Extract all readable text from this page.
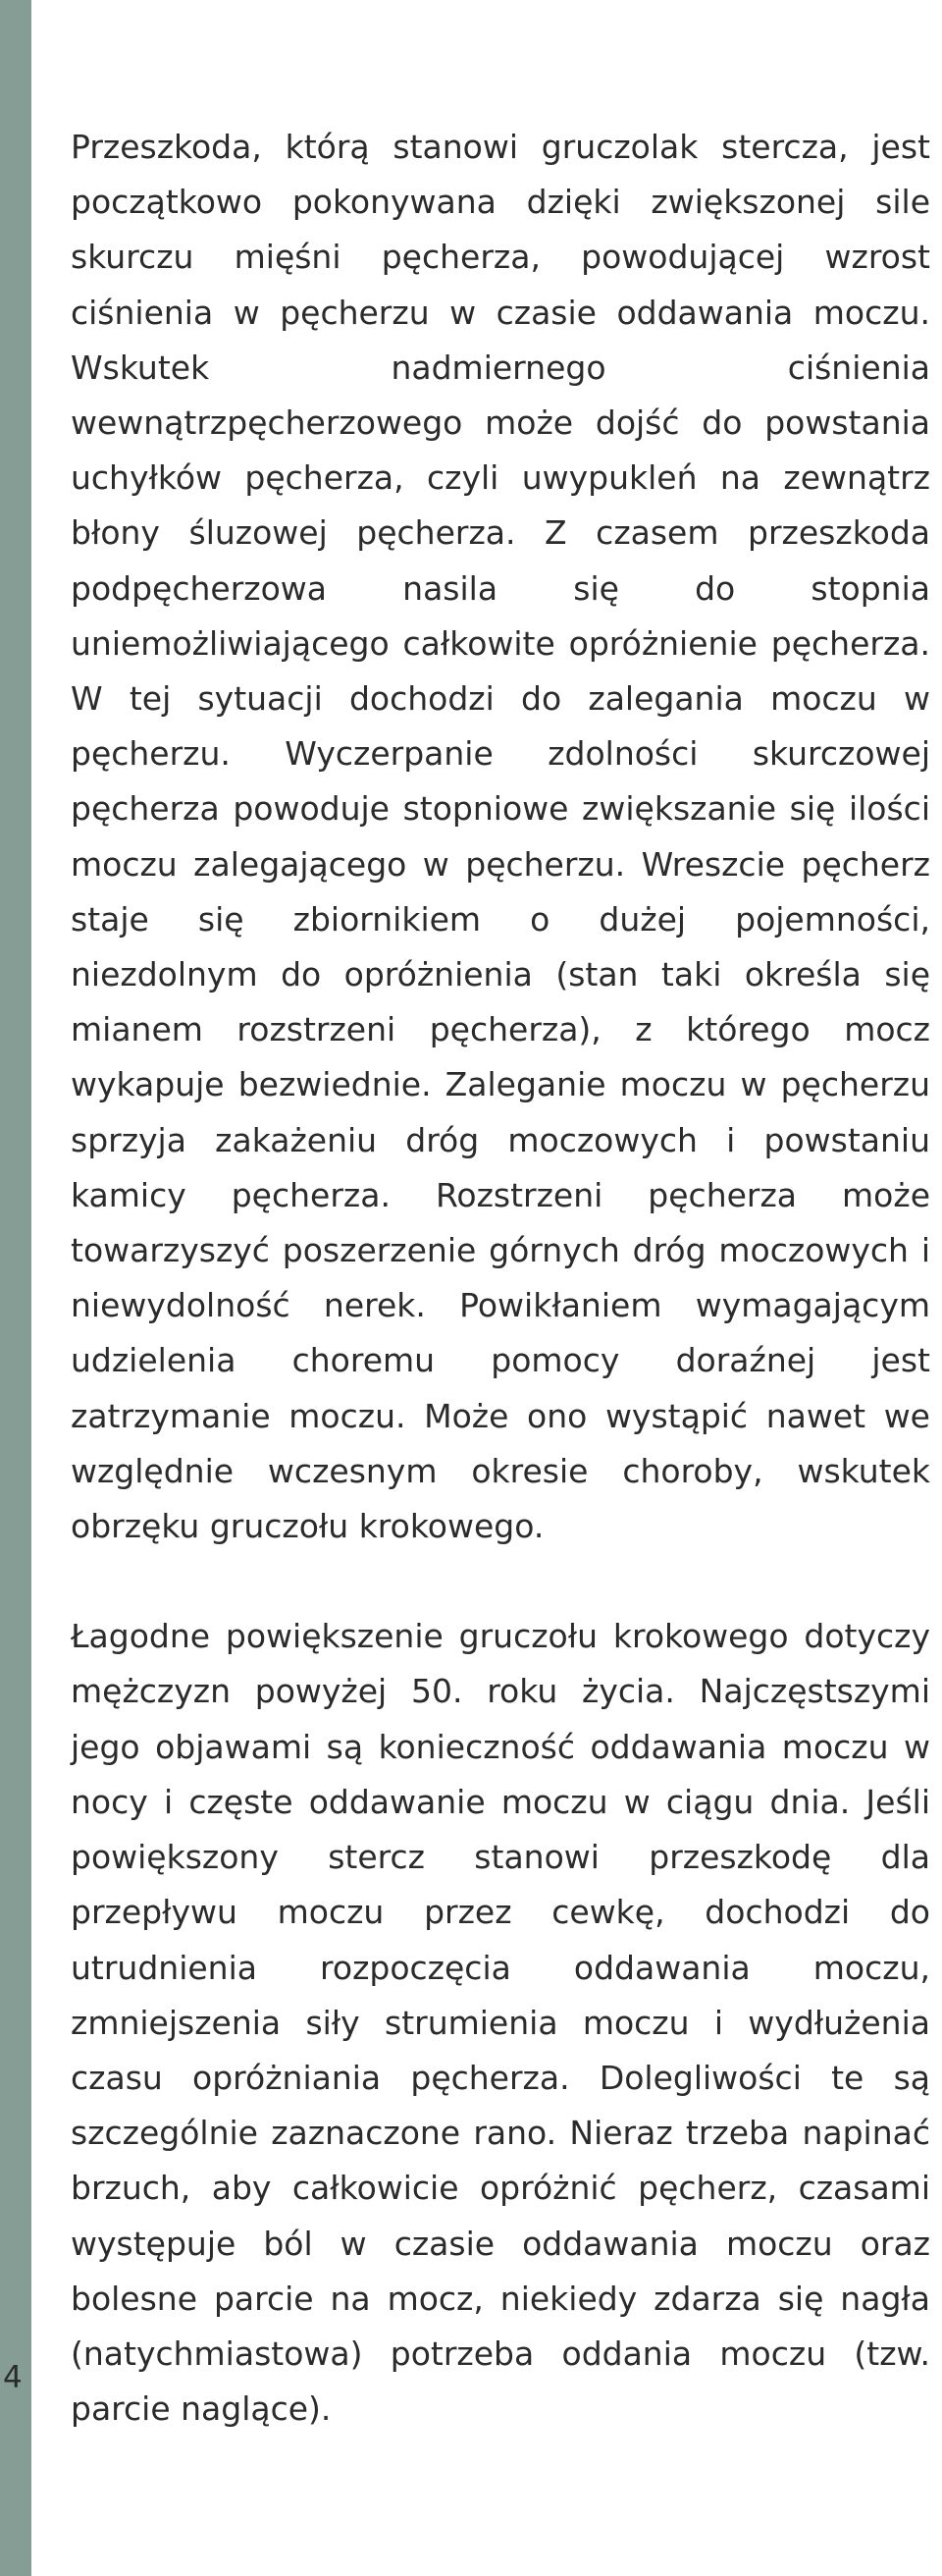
Przeszkoda, którą stanowi gruczolak stercza, jest początkowo pokonywana dzięki zwiększonej sile skurczu mięśni pęcherza, powodującej wzrost ciśnienia w pęcherzu w czasie oddawania moczu. Wskutek nadmiernego ciśnienia wewnątrzpęcherzowego może dojść do powstania uchyłków pęcherza, czyli uwypukleń na zewnątrz błony śluzowej pęcherza. Z czasem przeszkoda podpęcherzowa nasila się do stopnia uniemożliwiającego całkowite opróżnienie pęcherza. W tej sytuacji dochodzi do zalegania moczu w pęcherzu. Wyczerpanie zdolności skurczowej pęcherza powoduje stopniowe zwiększanie się ilości moczu zalegającego w pęcherzu. Wreszcie pęcherz staje się zbiornikiem o dużej pojemności, niezdolnym do opróżnienia (stan taki określa się mianem rozstrzeni pęcherza), z którego mocz wykapuje bezwiednie. Zaleganie moczu w pęcherzu sprzyja zakażeniu dróg moczowych i powstaniu kamicy pęcherza. Rozstrzeni pęcherza może towarzyszyć poszerzenie górnych dróg moczowych i niewydolność nerek. Powikłaniem wymagającym udzielenia choremu pomocy doraźnej jest zatrzymanie moczu. Może ono wystąpić nawet we względnie wczesnym okresie choroby, wskutek obrzęku gruczołu krokowego.

Łagodne powiększenie gruczołu krokowego dotyczy mężczyzn powyżej 50. roku życia. Najczęstszymi jego objawami są konieczność oddawania moczu w nocy i częste oddawanie moczu w ciągu dnia. Jeśli powiększony stercz stanowi przeszkodę dla przepływu moczu przez cewkę, dochodzi do utrudnienia rozpoczęcia oddawania moczu, zmniejszenia siły strumienia moczu i wydłużenia czasu opróżniania pęcherza. Dolegliwości te są szczególnie zaznaczone rano. Nieraz trzeba napinać brzuch, aby całkowicie opróżnić pęcherz, czasami występuje ból w czasie oddawania moczu oraz bolesne parcie na mocz, niekiedy zdarza się nagła (natychmiastowa) potrzeba oddania moczu (tzw. parcie naglące).

4
